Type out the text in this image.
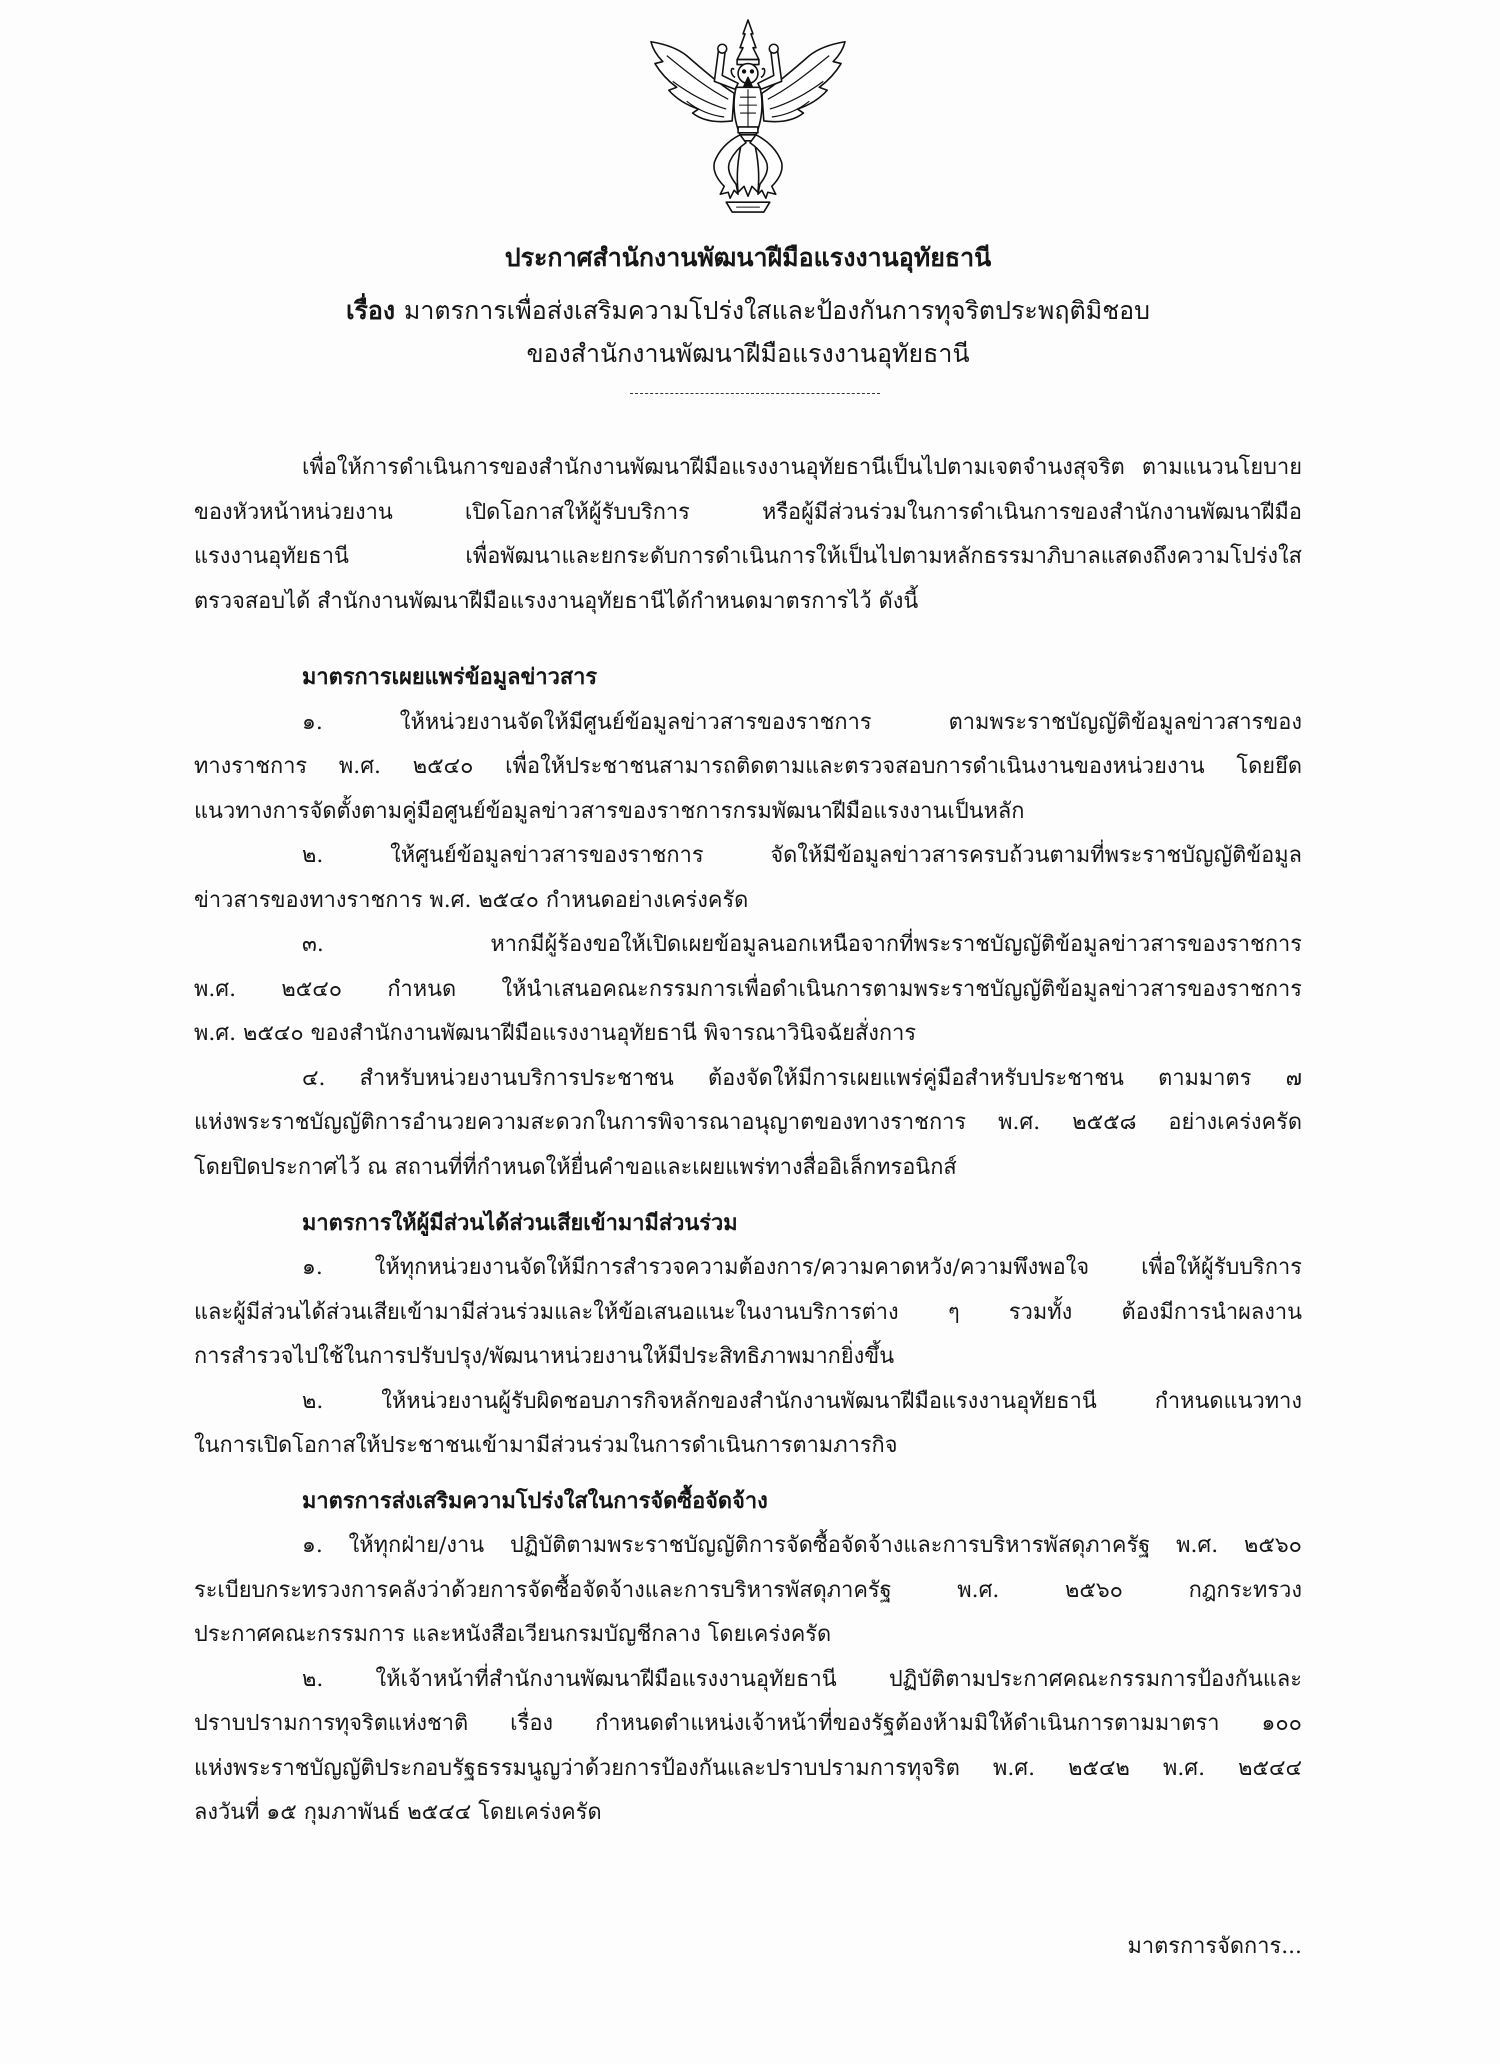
ประกาศสำนักงานพัฒนาฝีมือแรงงานอุทัยธานี
เรื่อง มาตรการเพื่อส่งเสริมความโปร่งใสและป้องกันการทุจริตประพฤติมิชอบ
ของสำนักงานพัฒนาฝีมือแรงงานอุทัยธานี
เพื่อให้การดำเนินการของสำนักงานพัฒนาฝีมือแรงงานอุทัยธานีเป็นไปตามเจตจำนงสุจริต ตามแนวนโยบาย
ของหัวหน้าหน่วยงาน เปิดโอกาสให้ผู้รับบริการ หรือผู้มีส่วนร่วมในการดำเนินการของสำนักงานพัฒนาฝีมือ
แรงงานอุทัยธานี เพื่อพัฒนาและยกระดับการดำเนินการให้เป็นไปตามหลักธรรมาภิบาลแสดงถึงความโปร่งใส
ตรวจสอบได้ สำนักงานพัฒนาฝีมือแรงงานอุทัยธานีได้กำหนดมาตรการไว้ ดังนี้
มาตรการเผยแพร่ข้อมูลข่าวสาร
๑. ให้หน่วยงานจัดให้มีศูนย์ข้อมูลข่าวสารของราชการ ตามพระราชบัญญัติข้อมูลข่าวสารของ
ทางราชการ พ.ศ. ๒๕๔๐ เพื่อให้ประชาชนสามารถติดตามและตรวจสอบการดำเนินงานของหน่วยงาน โดยยึด
แนวทางการจัดตั้งตามคู่มือศูนย์ข้อมูลข่าวสารของราชการกรมพัฒนาฝีมือแรงงานเป็นหลัก
๒. ให้ศูนย์ข้อมูลข่าวสารของราชการ จัดให้มีข้อมูลข่าวสารครบถ้วนตามที่พระราชบัญญัติข้อมูล
ข่าวสารของทางราชการ พ.ศ. ๒๕๔๐ กำหนดอย่างเคร่งครัด
๓. หากมีผู้ร้องขอให้เปิดเผยข้อมูลนอกเหนือจากที่พระราชบัญญัติข้อมูลข่าวสารของราชการ
พ.ศ. ๒๕๔๐ กำหนด ให้นำเสนอคณะกรรมการเพื่อดำเนินการตามพระราชบัญญัติข้อมูลข่าวสารของราชการ
พ.ศ. ๒๕๔๐ ของสำนักงานพัฒนาฝีมือแรงงานอุทัยธานี พิจารณาวินิจฉัยสั่งการ
๔. สำหรับหน่วยงานบริการประชาชน ต้องจัดให้มีการเผยแพร่คู่มือสำหรับประชาชน ตามมาตร ๗
แห่งพระราชบัญญัติการอำนวยความสะดวกในการพิจารณาอนุญาตของทางราชการ พ.ศ. ๒๕๕๘ อย่างเคร่งครัด
โดยปิดประกาศไว้ ณ สถานที่ที่กำหนดให้ยื่นคำขอและเผยแพร่ทางสื่ออิเล็กทรอนิกส์
มาตรการให้ผู้มีส่วนได้ส่วนเสียเข้ามามีส่วนร่วม
๑. ให้ทุกหน่วยงานจัดให้มีการสำรวจความต้องการ/ความคาดหวัง/ความพึงพอใจ เพื่อให้ผู้รับบริการ
และผู้มีส่วนได้ส่วนเสียเข้ามามีส่วนร่วมและให้ข้อเสนอแนะในงานบริการต่าง ๆ รวมทั้ง ต้องมีการนำผลงาน
การสำรวจไปใช้ในการปรับปรุง/พัฒนาหน่วยงานให้มีประสิทธิภาพมากยิ่งขึ้น
๒. ให้หน่วยงานผู้รับผิดชอบภารกิจหลักของสำนักงานพัฒนาฝีมือแรงงานอุทัยธานี กำหนดแนวทาง
ในการเปิดโอกาสให้ประชาชนเข้ามามีส่วนร่วมในการดำเนินการตามภารกิจ
มาตรการส่งเสริมความโปร่งใสในการจัดซื้อจัดจ้าง
๑. ให้ทุกฝ่าย/งาน ปฏิบัติตามพระราชบัญญัติการจัดซื้อจัดจ้างและการบริหารพัสดุภาครัฐ พ.ศ. ๒๕๖๐
ระเบียบกระทรวงการคลังว่าด้วยการจัดซื้อจัดจ้างและการบริหารพัสดุภาครัฐ พ.ศ. ๒๕๖๐ กฎกระทรวง
ประกาศคณะกรรมการ และหนังสือเวียนกรมบัญชีกลาง โดยเคร่งครัด
๒. ให้เจ้าหน้าที่สำนักงานพัฒนาฝีมือแรงงานอุทัยธานี ปฏิบัติตามประกาศคณะกรรมการป้องกันและ
ปราบปรามการทุจริตแห่งชาติ เรื่อง กำหนดตำแหน่งเจ้าหน้าที่ของรัฐต้องห้ามมิให้ดำเนินการตามมาตรา ๑๐๐
แห่งพระราชบัญญัติประกอบรัฐธรรมนูญว่าด้วยการป้องกันและปราบปรามการทุจริต พ.ศ. ๒๕๔๒ พ.ศ. ๒๕๔๔
ลงวันที่ ๑๕ กุมภาพันธ์ ๒๕๔๔ โดยเคร่งครัด
มาตรการจัดการ...
